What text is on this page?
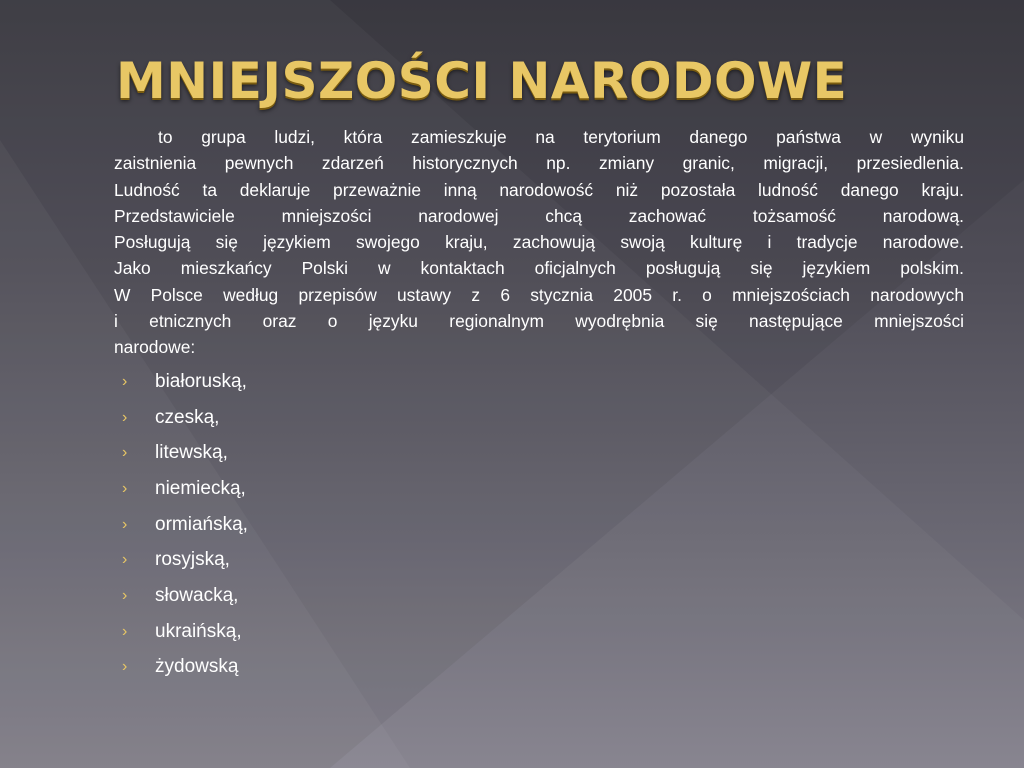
MNIEJSZOŚCI NARODOWE
to grupa ludzi, która zamieszkuje na terytorium danego państwa w wyniku
zaistnienia pewnych zdarzeń historycznych np. zmiany granic, migracji, przesiedlenia.
Ludność ta deklaruje przeważnie inną narodowość niż pozostała ludność danego kraju.
Przedstawiciele mniejszości narodowej chcą zachować tożsamość narodową.
Posługują się językiem swojego kraju, zachowują swoją kulturę i tradycje narodowe.
Jako mieszkańcy Polski w kontaktach oficjalnych posługują się językiem polskim.
W Polsce według przepisów ustawy z 6 stycznia 2005 r. o mniejszościach narodowych
i etnicznych oraz o języku regionalnym wyodrębnia się następujące mniejszości
narodowe:
›	białoruską,
›	czeską,
›	litewską,
›	niemiecką,
›	ormiańską,
›	rosyjską,
›	słowacką,
›	ukraińską,
›	żydowską
